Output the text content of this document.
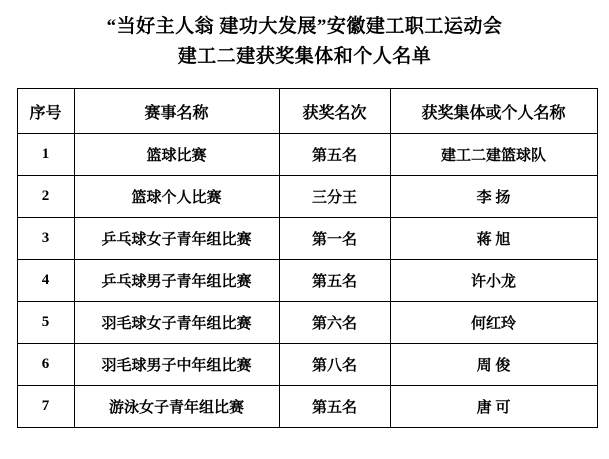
“当好主人翁 建功大发展”安徽建工职工运动会
建工二建获奖集体和个人名单
序号	赛事名称	获奖名次	获奖集体或个人名称
1	篮球比赛	第五名	建工二建篮球队
2	篮球个人比赛	三分王	李 扬
3	乒乓球女子青年组比赛	第一名	蒋 旭
4	乒乓球男子青年组比赛	第五名	许小龙
5	羽毛球女子青年组比赛	第六名	何红玲
6	羽毛球男子中年组比赛	第八名	周 俊
7	游泳女子青年组比赛	第五名	唐 可
